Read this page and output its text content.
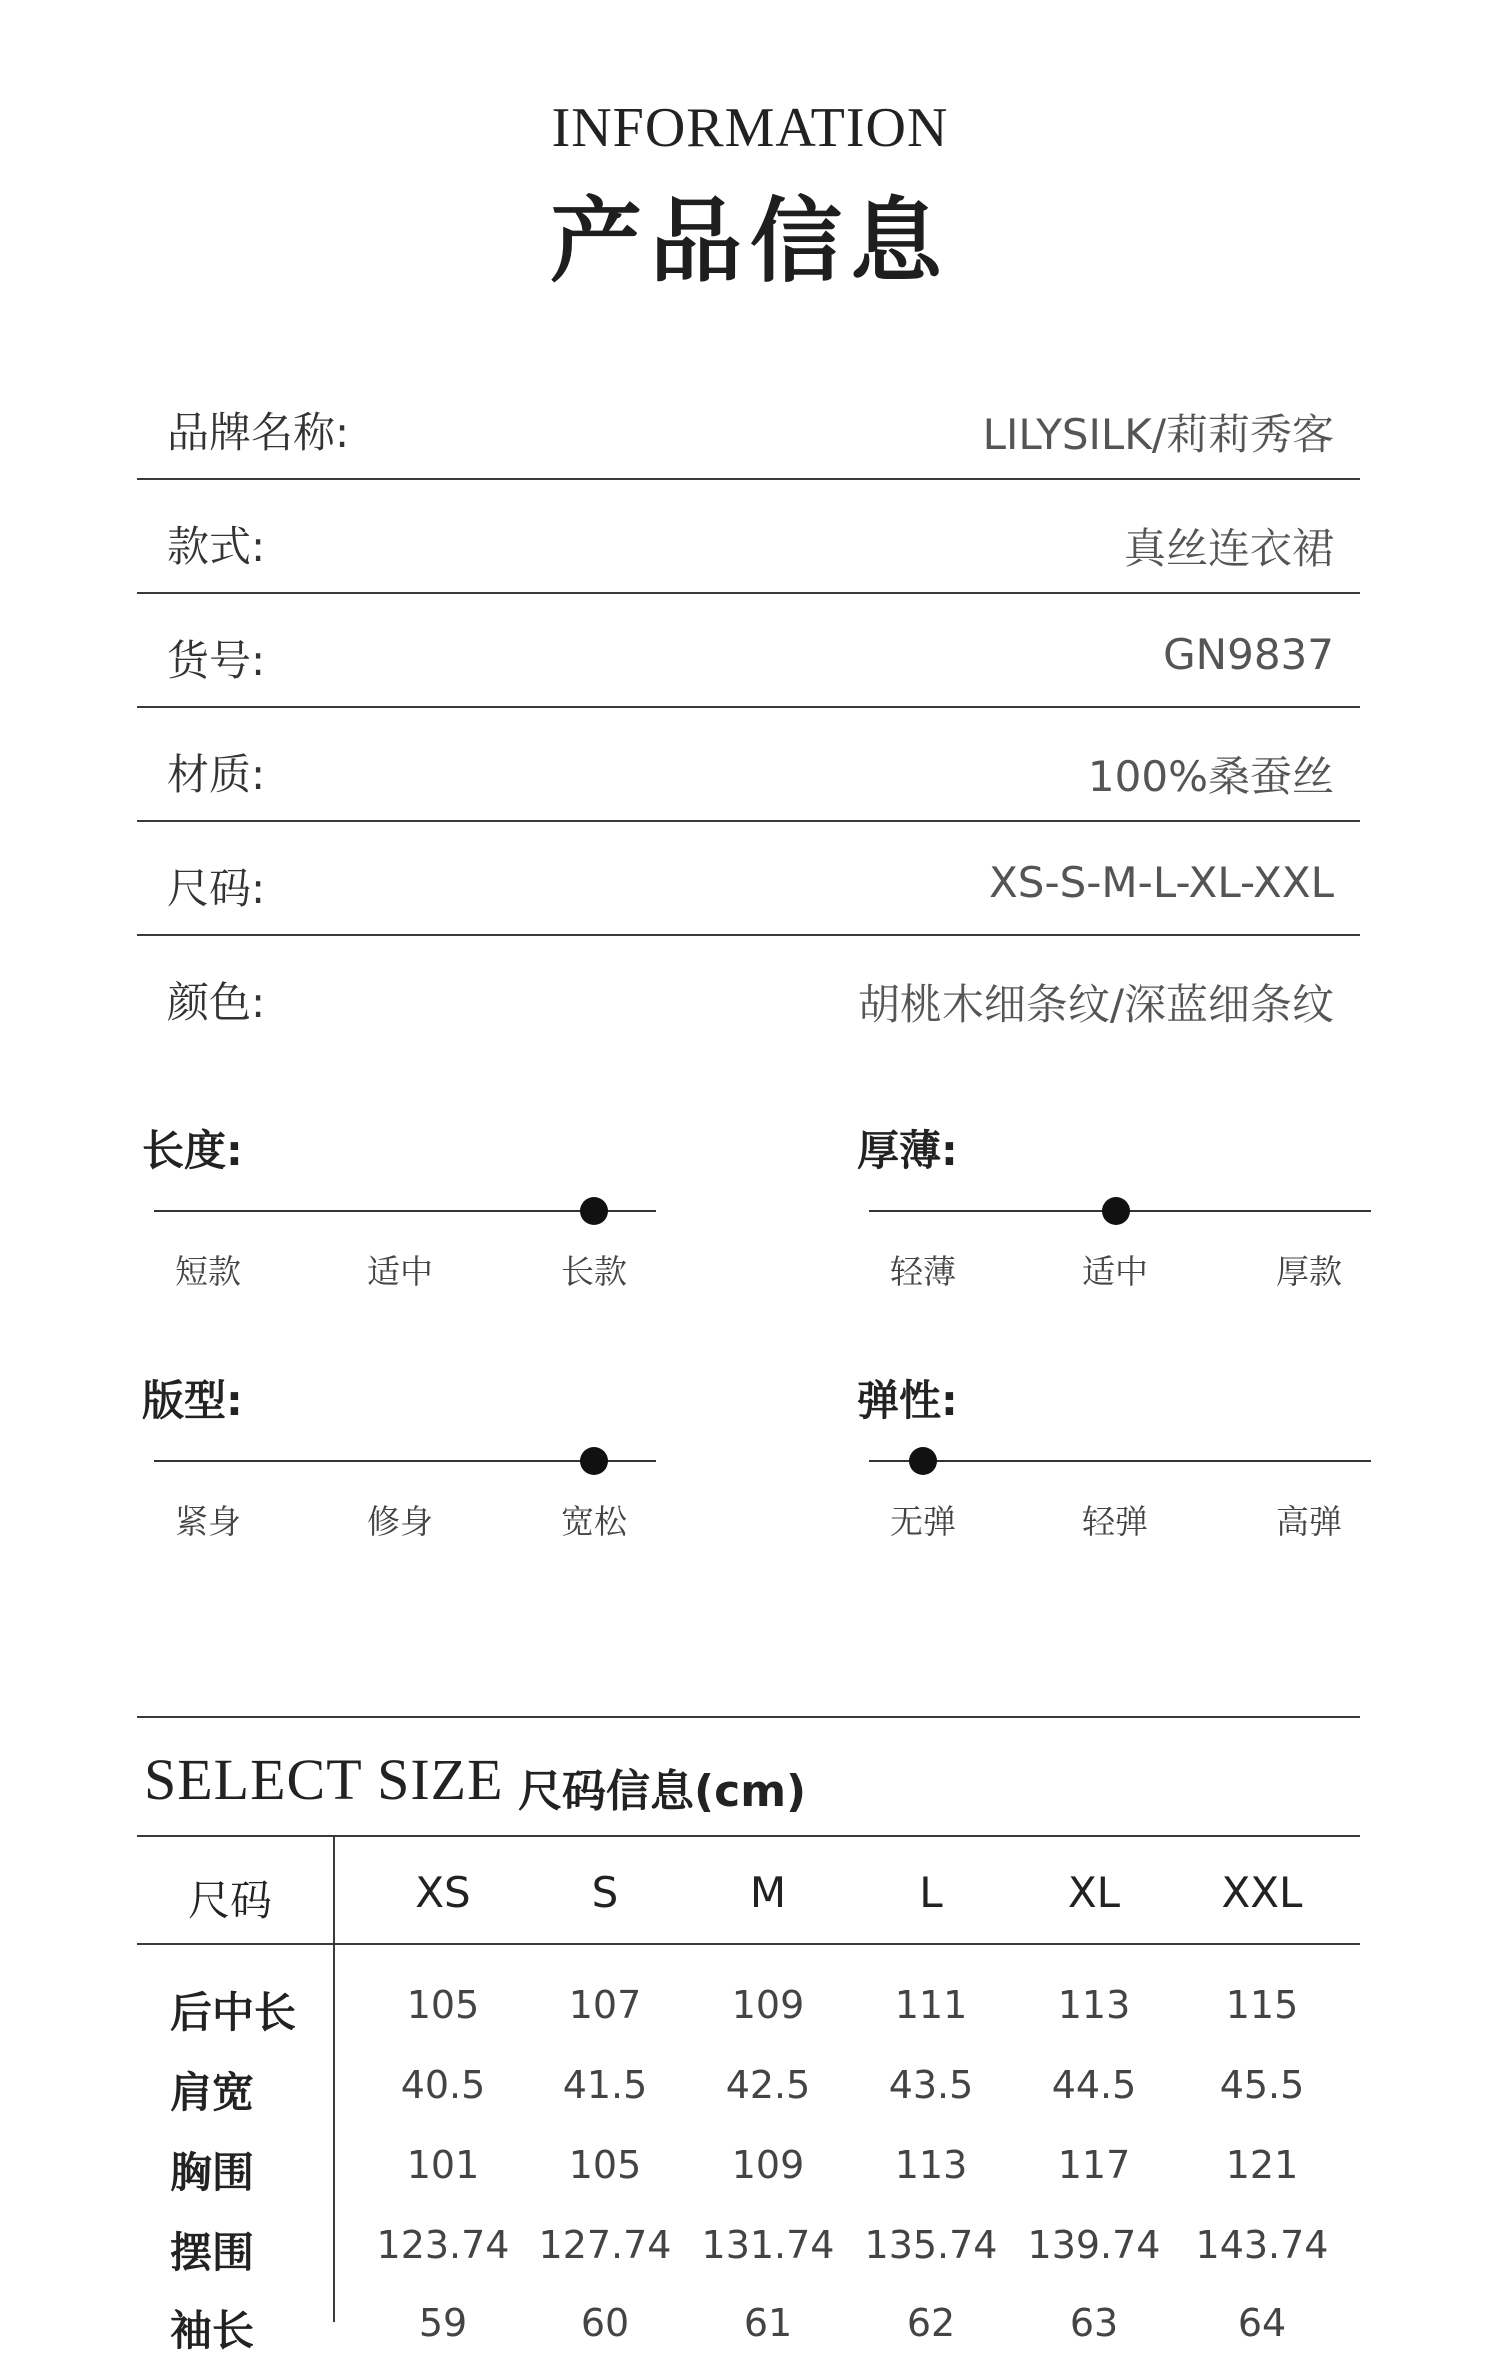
INFORMATION
产品信息
品牌名称:	LILYSILK/莉莉秀客
款式:	真丝连衣裙
货号:	GN9837
材质:	100%桑蚕丝
尺码:	XS-S-M-L-XL-XXL
颜色:	胡桃木细条纹/深蓝细条纹
长度:
短款	适中	长款
厚薄:
轻薄	适中	厚款
版型:
紧身	修身	宽松
弹性:
无弹	轻弹	高弹
SELECT SIZE 尺码信息(cm)
尺码	XS	S	M	L	XL	XXL
后中长	105	107	109	111	113	115
肩宽	40.5	41.5	42.5	43.5	44.5	45.5
胸围	101	105	109	113	117	121
摆围	123.74 127.74 131.74 135.74 139.74 143.74
袖长	59	60	61	62	63	64
